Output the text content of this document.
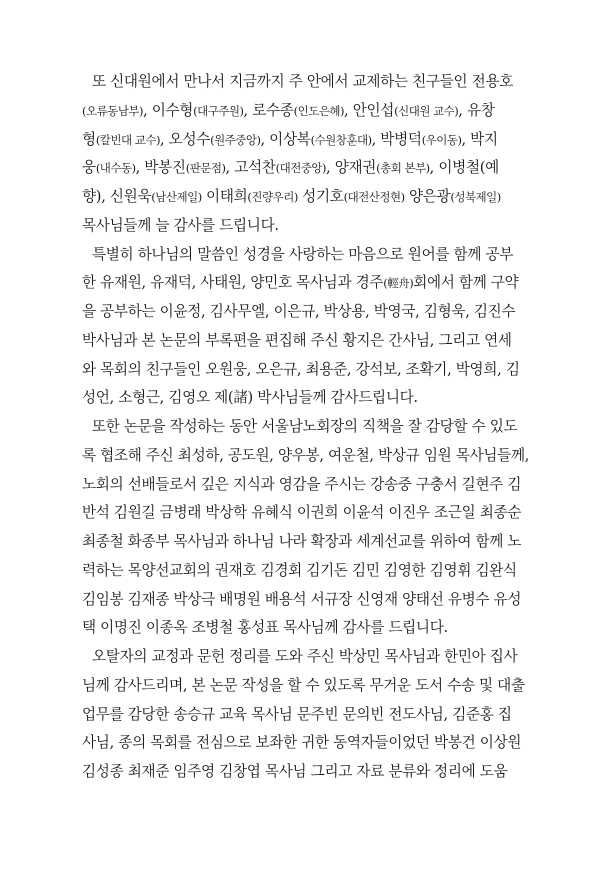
또 신대원에서 만나서 지금까지 주 안에서 교제하는 친구들인 전용호

(오류동남부), 이수형(대구주원), 로수종(인도은혜), 안인섭(신대원 교수), 유창

형(칼빈대 교수), 오성수(원주중앙), 이상복(수원창훈대), 박병덕(우이동), 박지

웅(내수동), 박봉진(판문점), 고석찬(대전중앙), 양재권(총회 본부), 이병철(예

향), 신원욱(남산제일) 이태희(진량우리) 성기호(대전산정현) 양은광(성북제일)

목사님들께 늘 감사를 드립니다.

특별히 하나님의 말씀인 성경을 사랑하는 마음으로 원어를 함께 공부

한 유재원, 유재덕, 사태원, 양민호 목사님과 경주(輕舟)회에서 함께 구약

을 공부하는 이윤정, 김사무엘, 이은규, 박상용, 박영국, 김형욱, 김진수

박사님과 본 논문의 부록편을 편집해 주신 황지은 간사님, 그리고 연세

와 목회의 친구들인 오원웅, 오은규, 최용준, 강석보, 조확기, 박영희, 김

성언, 소형근, 김영오 제(諸) 박사님들께 감사드립니다.

또한 논문을 작성하는 동안 서울남노회장의 직책을 잘 감당할 수 있도

록 협조해 주신 최성하, 공도원, 양우봉, 여운철, 박상규 임원 목사님들께,

노회의 선배들로서 깊은 지식과 영감을 주시는 강송중 구충서 길현주 김

반석 김원길 금병래 박상학 유혜식 이권희 이윤석 이진우 조근일 최종순

최종철 화종부 목사님과 하나님 나라 확장과 세계선교를 위하여 함께 노

력하는 목양선교회의 권재호 김경회 김기돈 김민 김영한 김영휘 김완식

김임봉 김재종 박상극 배명원 배용석 서규장 신영재 양태선 유병수 유성

택 이명진 이종옥 조병철 홍성표 목사님께 감사를 드립니다.

오탈자의 교정과 문헌 정리를 도와 주신 박상민 목사님과 한민아 집사

님께 감사드리며, 본 논문 작성을 할 수 있도록 무거운 도서 수송 및 대출

업무를 감당한 송승규 교육 목사님 문주빈 문의빈 전도사님, 김준홍 집

사님, 종의 목회를 전심으로 보좌한 귀한 동역자들이었던 박봉건 이상원

김성종 최재준 임주영 김창엽 목사님 그리고 자료 분류와 정리에 도움
